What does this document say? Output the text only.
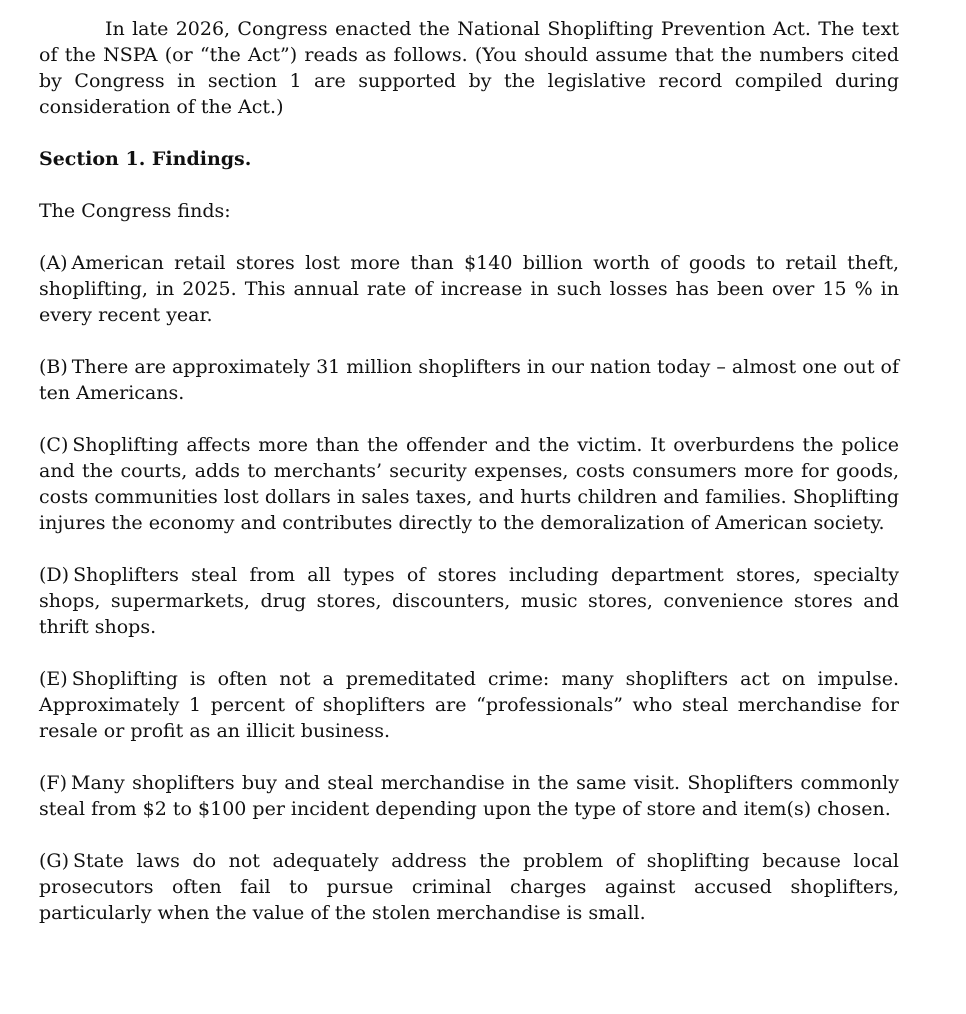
In late 2026, Congress enacted the National Shoplifting Prevention Act. The text of the NSPA (or “the Act”) reads as follows. (You should assume that the numbers cited by Congress in section 1 are supported by the legislative record compiled during consideration of the Act.)

Section 1. Findings.

The Congress finds:

(A) American retail stores lost more than $140 billion worth of goods to retail theft, shoplifting, in 2025. This annual rate of increase in such losses has been over 15 % in every recent year.

(B) There are approximately 31 million shoplifters in our nation today – almost one out of ten Americans.

(C) Shoplifting affects more than the offender and the victim. It overburdens the police and the courts, adds to merchants’ security expenses, costs consumers more for goods, costs communities lost dollars in sales taxes, and hurts children and families. Shoplifting injures the economy and contributes directly to the demoralization of American society.

(D) Shoplifters steal from all types of stores including department stores, specialty shops, supermarkets, drug stores, discounters, music stores, convenience stores and thrift shops.

(E) Shoplifting is often not a premeditated crime: many shoplifters act on impulse. Approximately 1 percent of shoplifters are “professionals” who steal merchandise for resale or profit as an illicit business.

(F) Many shoplifters buy and steal merchandise in the same visit. Shoplifters commonly steal from $2 to $100 per incident depending upon the type of store and item(s) chosen.

(G) State laws do not adequately address the problem of shoplifting because local prosecutors often fail to pursue criminal charges against accused shoplifters, particularly when the value of the stolen merchandise is small.
